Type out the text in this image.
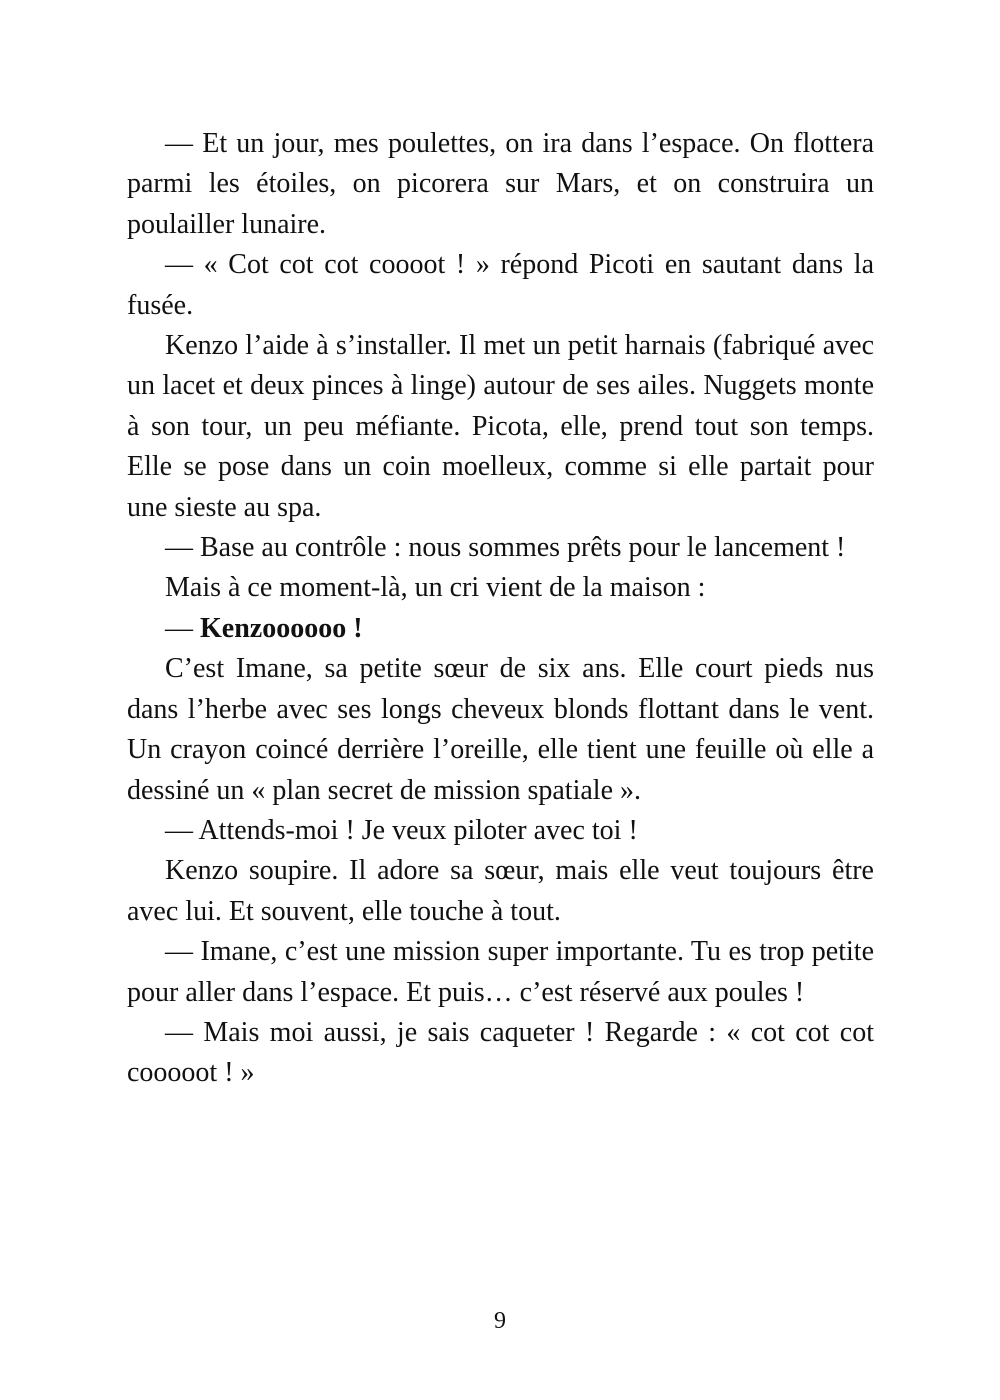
— Et un jour, mes poulettes, on ira dans l’espace. On flottera parmi les étoiles, on picorera sur Mars, et on construira un poulailler lunaire.

— « Cot cot cot coooot ! » répond Picoti en sautant dans la fusée.

Kenzo l’aide à s’installer. Il met un petit harnais (fabriqué avec un lacet et deux pinces à linge) autour de ses ailes. Nuggets monte à son tour, un peu méfiante. Picota, elle, prend tout son temps. Elle se pose dans un coin moelleux, comme si elle partait pour une sieste au spa.

— Base au contrôle : nous sommes prêts pour le lancement !

Mais à ce moment-là, un cri vient de la maison :

— Kenzoooooo !

C’est Imane, sa petite sœur de six ans. Elle court pieds nus dans l’herbe avec ses longs cheveux blonds flottant dans le vent. Un crayon coincé derrière l’oreille, elle tient une feuille où elle a dessiné un « plan secret de mission spatiale ».

— Attends-moi ! Je veux piloter avec toi !

Kenzo soupire. Il adore sa sœur, mais elle veut toujours être avec lui. Et souvent, elle touche à tout.

— Imane, c’est une mission super importante. Tu es trop petite pour aller dans l’espace. Et puis… c’est réservé aux poules !

— Mais moi aussi, je sais caqueter ! Regarde : « cot cot cot cooooot ! »

9
